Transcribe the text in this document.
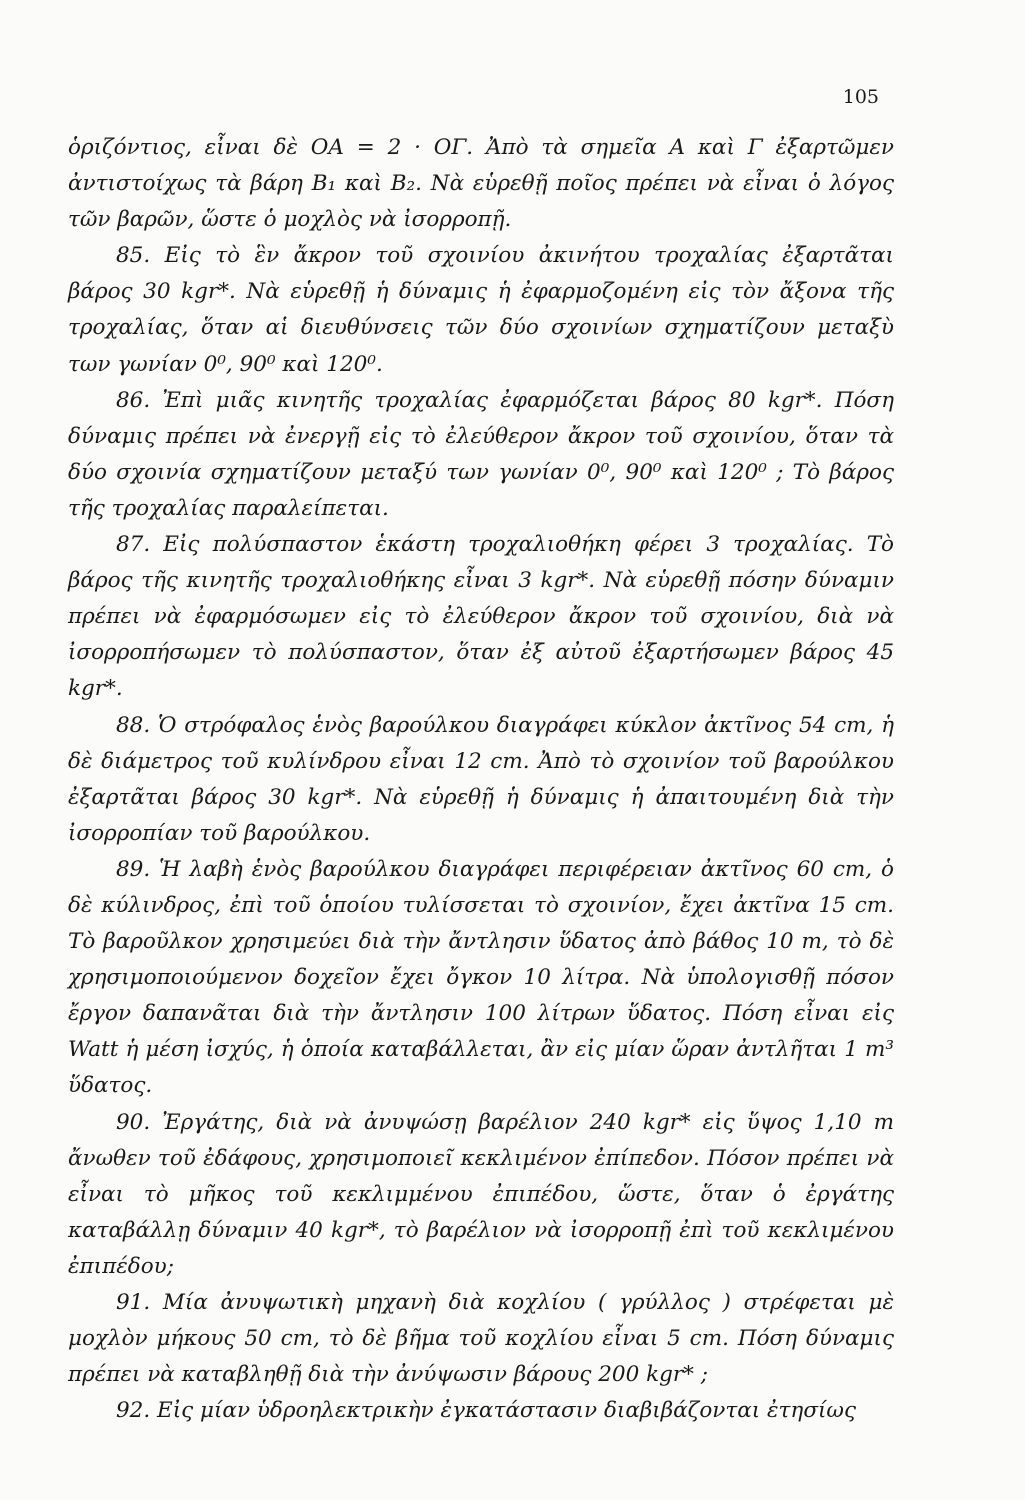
105

ὁριζόντιος, εἶναι δὲ ΟΑ = 2 · ΟΓ. Ἀπὸ τὰ σημεῖα Α καὶ Γ ἐξαρτῶμεν ἀντιστοίχως τὰ βάρη B₁ καὶ B₂. Νὰ εὑρεθῇ ποῖος πρέπει νὰ εἶναι ὁ λόγος τῶν βαρῶν, ὥστε ὁ μοχλὸς νὰ ἰσορροπῇ.

85. Εἰς τὸ ἓν ἄκρον τοῦ σχοινίου ἀκινήτου τροχαλίας ἐξαρτᾶται βάρος 30 kgr*. Νὰ εὑρεθῇ ἡ δύναμις ἡ ἐφαρμοζομένη εἰς τὸν ἄξονα τῆς τροχαλίας, ὅταν αἱ διευθύνσεις τῶν δύο σχοινίων σχηματίζουν μεταξὺ των γωνίαν 0⁰, 90⁰ καὶ 120⁰.

86. Ἐπὶ μιᾶς κινητῆς τροχαλίας ἐφαρμόζεται βάρος 80 kgr*. Πόση δύναμις πρέπει νὰ ἐνεργῇ εἰς τὸ ἐλεύθερον ἄκρον τοῦ σχοινίου, ὅταν τὰ δύο σχοινία σχηματίζουν μεταξύ των γωνίαν 0⁰, 90⁰ καὶ 120⁰ ; Τὸ βάρος τῆς τροχαλίας παραλείπεται.

87. Εἰς πολύσπαστον ἑκάστη τροχαλιοθήκη φέρει 3 τροχαλίας. Τὸ βάρος τῆς κινητῆς τροχαλιοθήκης εἶναι 3 kgr*. Νὰ εὑρεθῇ πόσην δύναμιν πρέπει νὰ ἐφαρμόσωμεν εἰς τὸ ἐλεύθερον ἄκρον τοῦ σχοινίου, διὰ νὰ ἰσορροπήσωμεν τὸ πολύσπαστον, ὅταν ἐξ αὐτοῦ ἐξαρτήσωμεν βάρος 45 kgr*.

88. Ὁ στρόφαλος ἑνὸς βαρούλκου διαγράφει κύκλον ἀκτῖνος 54 cm, ἡ δὲ διάμετρος τοῦ κυλίνδρου εἶναι 12 cm. Ἀπὸ τὸ σχοινίον τοῦ βαρούλκου ἐξαρτᾶται βάρος 30 kgr*. Νὰ εὑρεθῇ ἡ δύναμις ἡ ἀπαιτουμένη διὰ τὴν ἰσορροπίαν τοῦ βαρούλκου.

89. Ἡ λαβὴ ἑνὸς βαρούλκου διαγράφει περιφέρειαν ἀκτῖνος 60 cm, ὁ δὲ κύλινδρος, ἐπὶ τοῦ ὁποίου τυλίσσεται τὸ σχοινίον, ἔχει ἀκτῖνα 15 cm. Τὸ βαροῦλκον χρησιμεύει διὰ τὴν ἄντλησιν ὕδατος ἀπὸ βάθος 10 m, τὸ δὲ χρησιμοποιούμενον δοχεῖον ἔχει ὄγκον 10 λίτρα. Νὰ ὑπολογισθῇ πόσον ἔργον δαπανᾶται διὰ τὴν ἄντλησιν 100 λίτρων ὕδατος. Πόση εἶναι εἰς Watt ἡ μέση ἰσχύς, ἡ ὁποία καταβάλλεται, ἂν εἰς μίαν ὥραν ἀντλῆται 1 m³ ὕδατος.

90. Ἐργάτης, διὰ νὰ ἀνυψώσῃ βαρέλιον 240 kgr* εἰς ὕψος 1,10 m ἄνωθεν τοῦ ἐδάφους, χρησιμοποιεῖ κεκλιμένον ἐπίπεδον. Πόσον πρέπει νὰ εἶναι τὸ μῆκος τοῦ κεκλιμμένου ἐπιπέδου, ὥστε, ὅταν ὁ ἐργάτης καταβάλλῃ δύναμιν 40 kgr*, τὸ βαρέλιον νὰ ἰσορροπῇ ἐπὶ τοῦ κεκλιμένου ἐπιπέδου;

91. Μία ἀνυψωτικὴ μηχανὴ διὰ κοχλίου ( γρύλλος ) στρέφεται μὲ μοχλὸν μήκους 50 cm, τὸ δὲ βῆμα τοῦ κοχλίου εἶναι 5 cm. Πόση δύναμις πρέπει νὰ καταβληθῇ διὰ τὴν ἀνύψωσιν βάρους 200 kgr* ;

92. Εἰς μίαν ὑδροηλεκτρικὴν ἐγκατάστασιν διαβιβάζονται ἐτησίως
